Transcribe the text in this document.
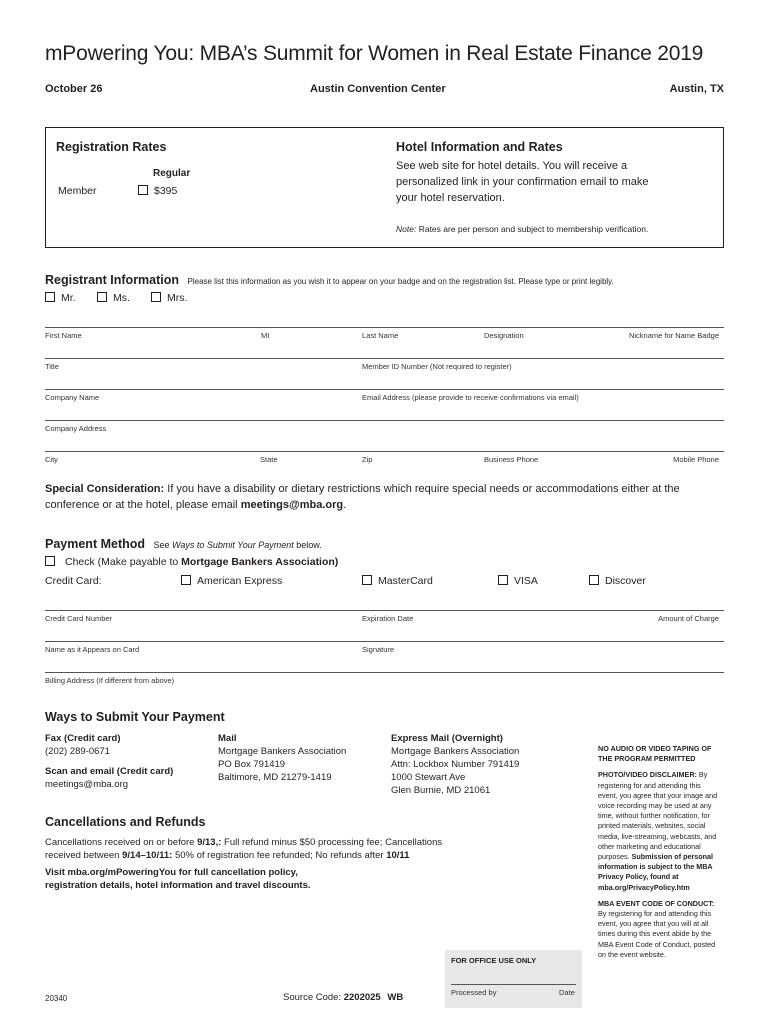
mPowering You: MBA’s Summit for Women in Real Estate Finance 2019
October 26	Austin Convention Center	Austin, TX
Registration Rates
Regular
Member	$395
Hotel Information and Rates
See web site for hotel details. You will receive a personalized link in your confirmation email to make your hotel reservation.
Note: Rates are per person and subject to membership verification.
Registrant Information Please list this information as you wish it to appear on your badge and on the registration list. Please type or print legibly.
Mr.	Ms.	Mrs.
First Name	MI	Last Name	Designation	Nickname for Name Badge
Title	Member ID Number (Not required to register)
Company Name	Email Address (please provide to receive confirmations via email)
Company Address
City	State	Zip	Business Phone	Mobile Phone
Special Consideration: If you have a disability or dietary restrictions which require special needs or accommodations either at the conference or at the hotel, please email meetings@mba.org.
Payment Method See Ways to Submit Your Payment below.
Check (Make payable to Mortgage Bankers Association)
Credit Card:	American Express	MasterCard	VISA	Discover
Credit Card Number	Expiration Date	Amount of Charge
Name as it Appears on Card	Signature
Billing Address (If different from above)
Ways to Submit Your Payment
Fax (Credit card)
(202) 289-0671
Scan and email (Credit card)
meetings@mba.org
Mail
Mortgage Bankers Association
PO Box 791419
Baltimore, MD 21279-1419
Express Mail (Overnight)
Mortgage Bankers Association
Attn: Lockbox Number 791419
1000 Stewart Ave
Glen Burnie, MD 21061
Cancellations and Refunds
Cancellations received on or before 9/13,: Full refund minus $50 processing fee; Cancellations
received between 9/14–10/11: 50% of registration fee refunded; No refunds after 10/11
Visit mba.org/mPoweringYou for full cancellation policy,
registration details, hotel information and travel discounts.
NO AUDIO OR VIDEO TAPING OF THE PROGRAM PERMITTED
PHOTO/VIDEO DISCLAIMER: By registering for and attending this event, you agree that your image and voice recording may be used at any time, without further notification, for printed materials, websites, social media, live-streaming, webcasts, and other marketing and educational purposes. Submission of personal information is subject to the MBA Privacy Policy, found at mba.org/PrivacyPolicy.htm
MBA EVENT CODE OF CONDUCT: By registering for and attending this event, you agree that you will at all times during this event abide by the MBA Event Code of Conduct, posted on the event website.
FOR OFFICE USE ONLY
Processed by	Date
20340	Source Code: 2202025 WB
